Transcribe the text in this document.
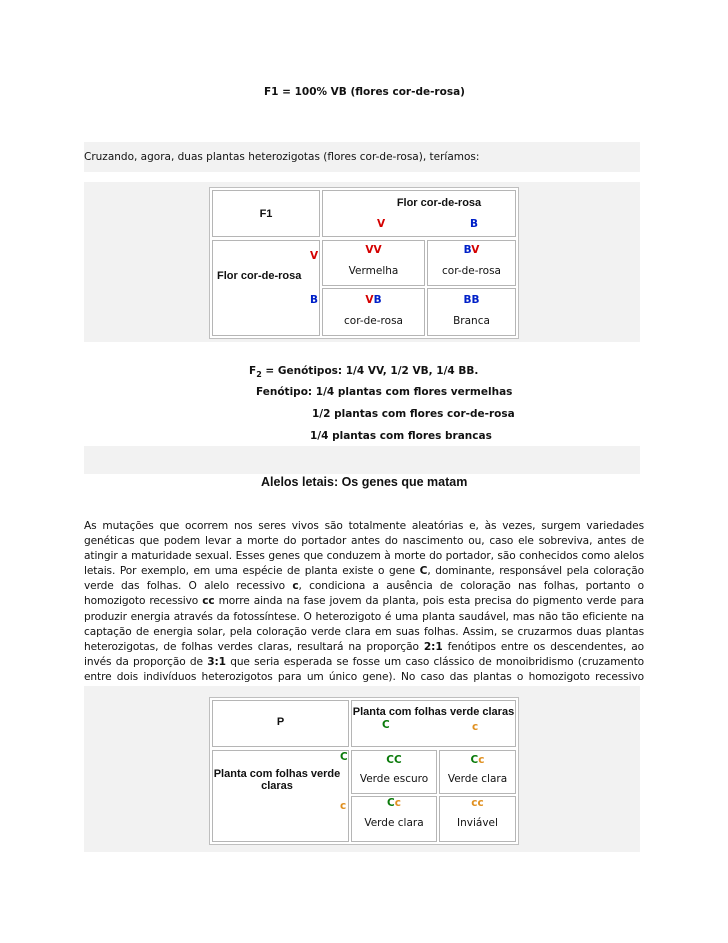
F1 = 100% VB (flores cor-de-rosa)
Cruzando, agora, duas plantas heterozigotas (flores cor-de-rosa), teríamos:
F1
Flor cor-de-rosa
V	B
Flor cor-de-rosa
V
B
VV
Vermelha
BV
cor-de-rosa
VB
cor-de-rosa
BB
Branca
$F_2$ = Genótipos: 1/4 VV, 1/2 VB, 1/4 BB.
Fenótipo: 1/4 plantas com flores vermelhas
1/2 plantas com flores cor-de-rosa
1/4 plantas com flores brancas
Alelos letais: Os genes que matam

As mutações que ocorrem nos seres vivos são totalmente aleatórias e, às vezes, surgem variedades genéticas que podem levar a morte do portador antes do nascimento ou, caso ele sobreviva, antes de atingir a maturidade sexual. Esses genes que conduzem à morte do portador, são conhecidos como alelos letais. Por exemplo, em uma espécie de planta existe o gene C, dominante, responsável pela coloração verde das folhas. O alelo recessivo c, condiciona a ausência de coloração nas folhas, portanto o homozigoto recessivo cc morre ainda na fase jovem da planta, pois esta precisa do pigmento verde para produzir energia através da fotossíntese. O heterozigoto é uma planta saudável, mas não tão eficiente na captação de energia solar, pela coloração verde clara em suas folhas. Assim, se cruzarmos duas plantas heterozigotas, de folhas verdes claras, resultará na proporção 2:1 fenótipos entre os descendentes, ao invés da proporção de 3:1 que seria esperada se fosse um caso clássico de monoibridismo (cruzamento entre dois indivíduos heterozigotos para um único gene). No caso das plantas o homozigoto recessivo

P
Planta com folhas verde claras
C	c
Planta com folhas verde claras
C
c
CC
Verde escuro
Cc
Verde clara
Cc
Verde clara
cc
Inviável
